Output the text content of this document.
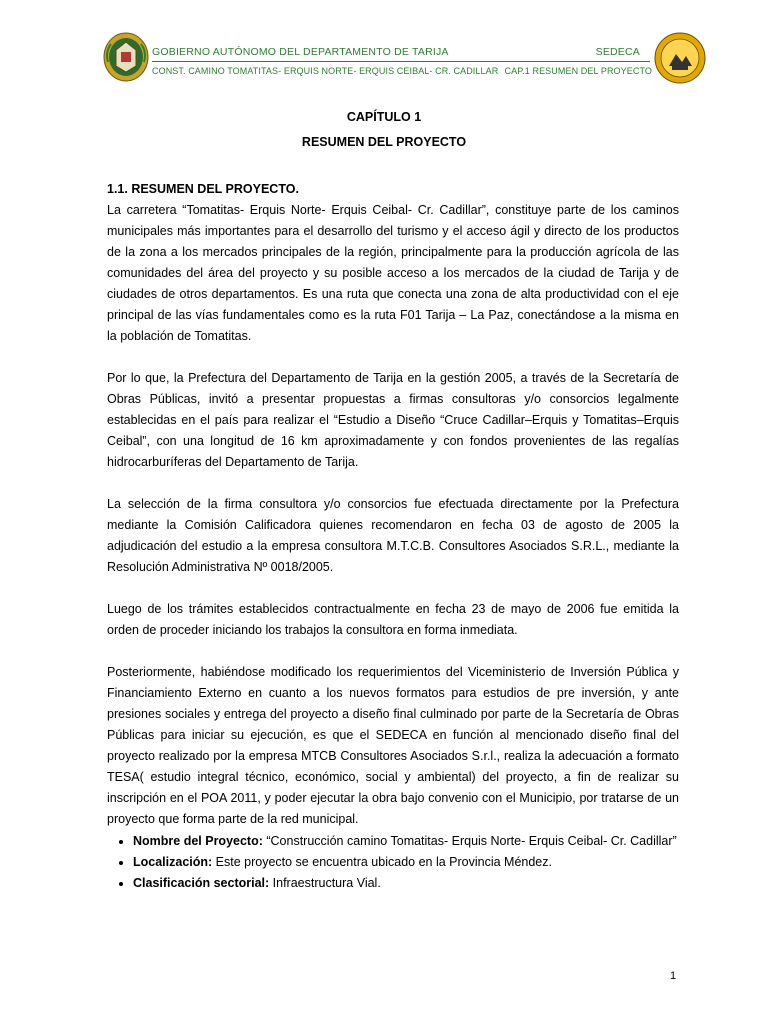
GOBIERNO AUTÓNOMO DEL DEPARTAMENTO DE TARIJA	SEDECA
CONST. CAMINO TOMATITAS- ERQUIS NORTE- ERQUIS CEIBAL- CR. CADILLAR CAP.1 RESUMEN DEL PROYECTO
CAPÍTULO 1
RESUMEN DEL PROYECTO
1.1. RESUMEN DEL PROYECTO.

La carretera “Tomatitas- Erquis Norte- Erquis Ceibal- Cr. Cadillar”, constituye parte de los caminos municipales más importantes para el desarrollo del turismo y el acceso ágil y directo de los productos de la zona a los mercados principales de la región, principalmente para la producción agrícola de las comunidades del área del proyecto y su posible acceso a los mercados de la ciudad de Tarija y de ciudades de otros departamentos. Es una ruta que conecta una zona de alta productividad con el eje principal de las vías fundamentales como es la ruta F01 Tarija – La Paz, conectándose a la misma en la población de Tomatitas.

Por lo que, la Prefectura del Departamento de Tarija en la gestión 2005, a través de la Secretaría de Obras Públicas, invitó a presentar propuestas a firmas consultoras y/o consorcios legalmente establecidas en el país para realizar el “Estudio a Diseño “Cruce Cadillar–Erquis y Tomatitas–Erquis Ceibal”, con una longitud de 16 km aproximadamente y con fondos provenientes de las regalías hidrocarburíferas del Departamento de Tarija.

La selección de la firma consultora y/o consorcios fue efectuada directamente por la Prefectura mediante la Comisión Calificadora quienes recomendaron en fecha 03 de agosto de 2005 la adjudicación del estudio a la empresa consultora M.T.C.B. Consultores Asociados S.R.L., mediante la Resolución Administrativa Nº 0018/2005.

Luego de los trámites establecidos contractualmente en fecha 23 de mayo de 2006 fue emitida la orden de proceder iniciando los trabajos la consultora en forma inmediata.

Posteriormente, habiéndose modificado los requerimientos del Viceministerio de Inversión Pública y Financiamiento Externo en cuanto a los nuevos formatos para estudios de pre inversión, y ante presiones sociales y entrega del proyecto a diseño final culminado por parte de la Secretaría de Obras Públicas para iniciar su ejecución, es que el SEDECA en función al mencionado diseño final del proyecto realizado por la empresa MTCB Consultores Asociados S.r.l., realiza la adecuación a formato TESA( estudio integral técnico, económico, social y ambiental) del proyecto, a fin de realizar su inscripción en el POA 2011, y poder ejecutar la obra bajo convenio con el Municipio, por tratarse de un proyecto que forma parte de la red municipal.

• Nombre del Proyecto: “Construcción camino Tomatitas- Erquis Norte- Erquis Ceibal- Cr. Cadillar”
• Localización: Este proyecto se encuentra ubicado en la Provincia Méndez.
• Clasificación sectorial: Infraestructura Vial.
1
